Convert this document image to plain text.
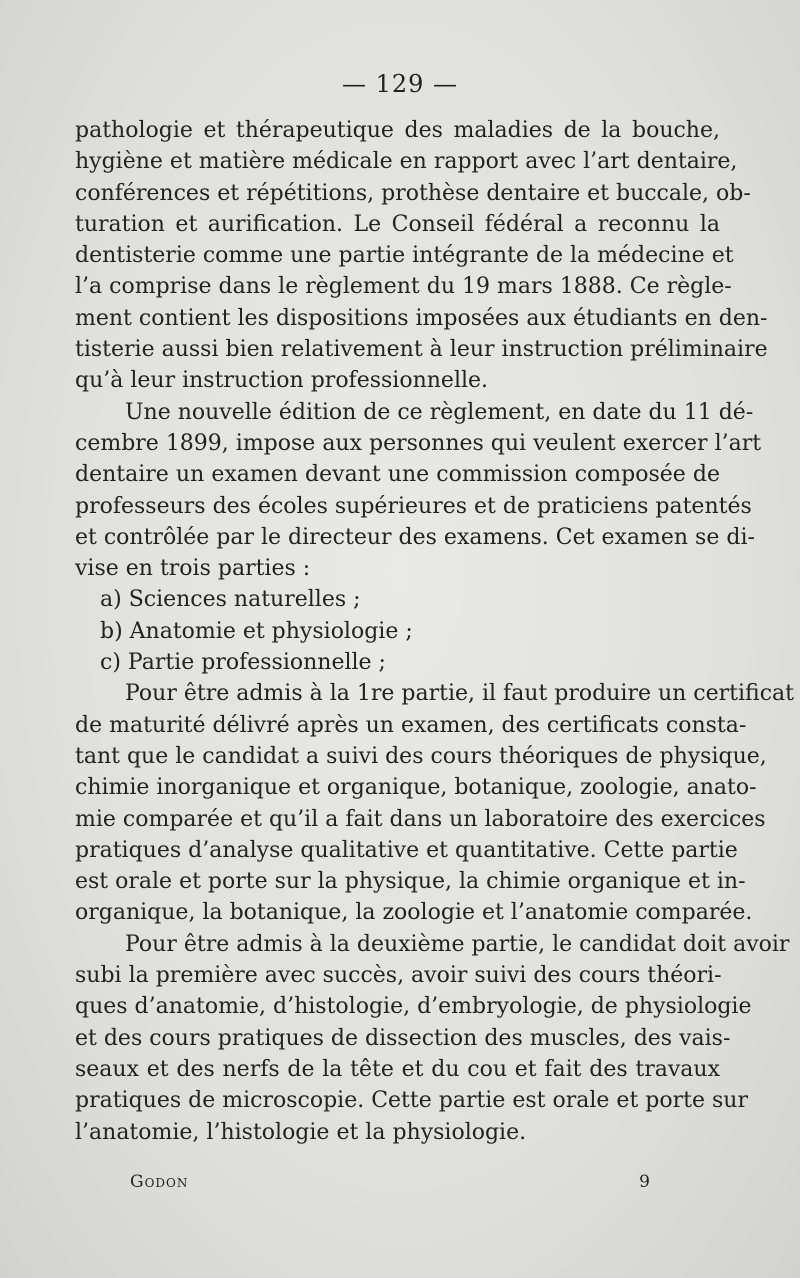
— 129 —
pathologie et thérapeutique des maladies de la bouche,
hygiène et matière médicale en rapport avec l’art dentaire,
conférences et répétitions, prothèse dentaire et buccale, ob-
turation et aurification. Le Conseil fédéral a reconnu la
dentisterie comme une partie intégrante de la médecine et
l’a comprise dans le règlement du 19 mars 1888. Ce règle-
ment contient les dispositions imposées aux étudiants en den-
tisterie aussi bien relativement à leur instruction préliminaire
qu’à leur instruction professionnelle.
Une nouvelle édition de ce règlement, en date du 11 dé-
cembre 1899, impose aux personnes qui veulent exercer l’art
dentaire un examen devant une commission composée de
professeurs des écoles supérieures et de praticiens patentés
et contrôlée par le directeur des examens. Cet examen se di-
vise en trois parties :
a) Sciences naturelles ;
b) Anatomie et physiologie ;
c) Partie professionnelle ;
Pour être admis à la 1re partie, il faut produire un certificat
de maturité délivré après un examen, des certificats consta-
tant que le candidat a suivi des cours théoriques de physique,
chimie inorganique et organique, botanique, zoologie, anato-
mie comparée et qu’il a fait dans un laboratoire des exercices
pratiques d’analyse qualitative et quantitative. Cette partie
est orale et porte sur la physique, la chimie organique et in-
organique, la botanique, la zoologie et l’anatomie comparée.
Pour être admis à la deuxième partie, le candidat doit avoir
subi la première avec succès, avoir suivi des cours théori-
ques d’anatomie, d’histologie, d’embryologie, de physiologie
et des cours pratiques de dissection des muscles, des vais-
seaux et des nerfs de la tête et du cou et fait des travaux
pratiques de microscopie. Cette partie est orale et porte sur
l’anatomie, l’histologie et la physiologie.
Godon	9
